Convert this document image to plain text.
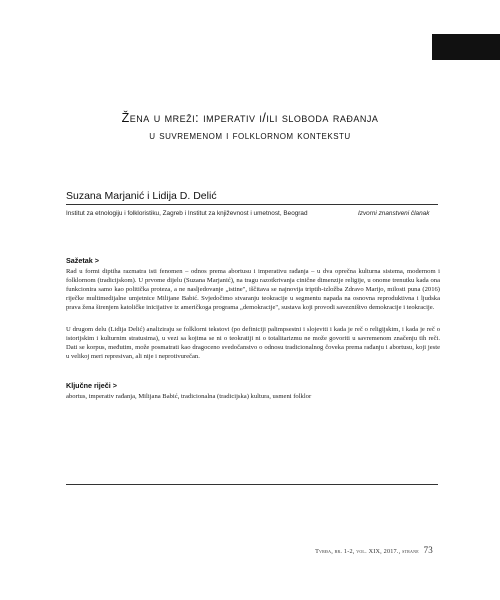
Žena u mreži: imperativ i/ili sloboda rađanja
u suvremenom i folklornom kontekstu
Suzana Marjanić i Lidija D. Delić
Institut za etnologiju i folkloristiku, Zagreb i Institut za književnost i umetnost, Beograd	Izvorni znanstveni članak
Sažetak >
Rad u formi diptiha razmatra isti fenomen – odnos prema abortusu i imperativu rađanja – u dva oprečna kulturna sistema, modernom i folklornom (tradicijskom). U prvome dijelu (Suzana Marjanić), na tragu razotkrivanja cinične dimenzije religije, u onome trenutku kada ona funkcionira samo kao politička proteza, a ne nasljedovanje „istine", iščitava se najnovija triptih-izložba Zdravo Marijo, milosti puna (2016) riječke multimedijalne umjetnice Milijane Babić. Svjedočimo stvaranju teokracije u segmentu napada na osnovna reproduktivna i ljudska prava žena širenjem katoličke inicijative iz američkoga programa „demokracije", sustava koji provodi savezništvo demokracije i teokracije.
U drugom delu (Lidija Delić) analiziraju se folklorni tekstovi (po definiciji palimpsestni i slojeviti i kada je reč o religijskim, i kada je reč o istorijskim i kulturnim stratusima), u vezi sa kojima se ni o teokratiji ni o totalitarizmu ne može govoriti u savremenom značenju tih reči. Dati se korpus, međutim, može posmatrati kao dragoceno svedočanstvo o odnosu tradicionalnog čoveka prema rađanju i abortusu, koji jeste u velikoj meri represivan, ali nije i neprotivurečan.
Ključne riječi >
abortus, imperativ rađanja, Milijana Babić, tradicionalna (tradicijska) kultura, usmeni folklor
Tvrđa, br. 1-2, vol. XIX, 2017., strane 73
